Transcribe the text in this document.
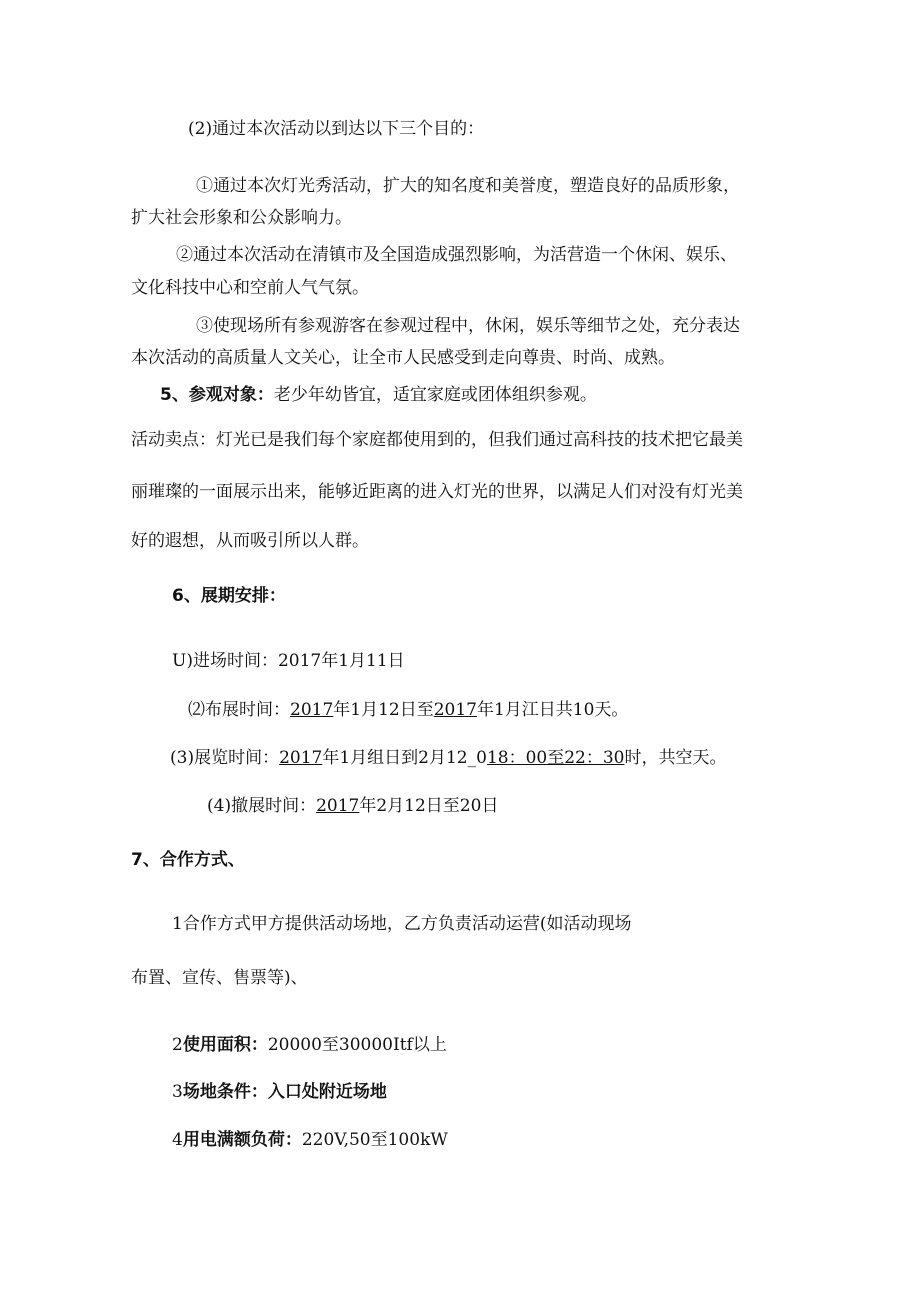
(2)通过本次活动以到达以下三个目的：
①通过本次灯光秀活动，扩大的知名度和美誉度，塑造良好的品质形象，
扩大社会形象和公众影响力。
②通过本次活动在清镇市及全国造成强烈影响，为活营造一个休闲、娱乐、
文化科技中心和空前人气气氛。
③使现场所有参观游客在参观过程中，休闲，娱乐等细节之处，充分表达
本次活动的高质量人文关心，让全市人民感受到走向尊贵、时尚、成熟。
5、参观对象：老少年幼皆宜，适宜家庭或团体组织参观。
活动卖点：灯光已是我们每个家庭都使用到的，但我们通过高科技的技术把它最美
丽璀璨的一面展示出来，能够近距离的进入灯光的世界，以满足人们对没有灯光美
好的遐想，从而吸引所以人群。
6、展期安排：
U)进场时间：2017年1月11日
⑵布展时间：2017年1月12日至2017年1月江日共10天。
(3)展览时间：2017年1月组日到2月12_018：00至22：30时，共空天。
(4)撤展时间：2017年2月12日至20日
7、合作方式、
1合作方式甲方提供活动场地，乙方负责活动运营(如活动现场
布置、宣传、售票等)、
2使用面积：20000至30000Itf以上
3场地条件：入口处附近场地
4用电满额负荷：220V,50至100kW
